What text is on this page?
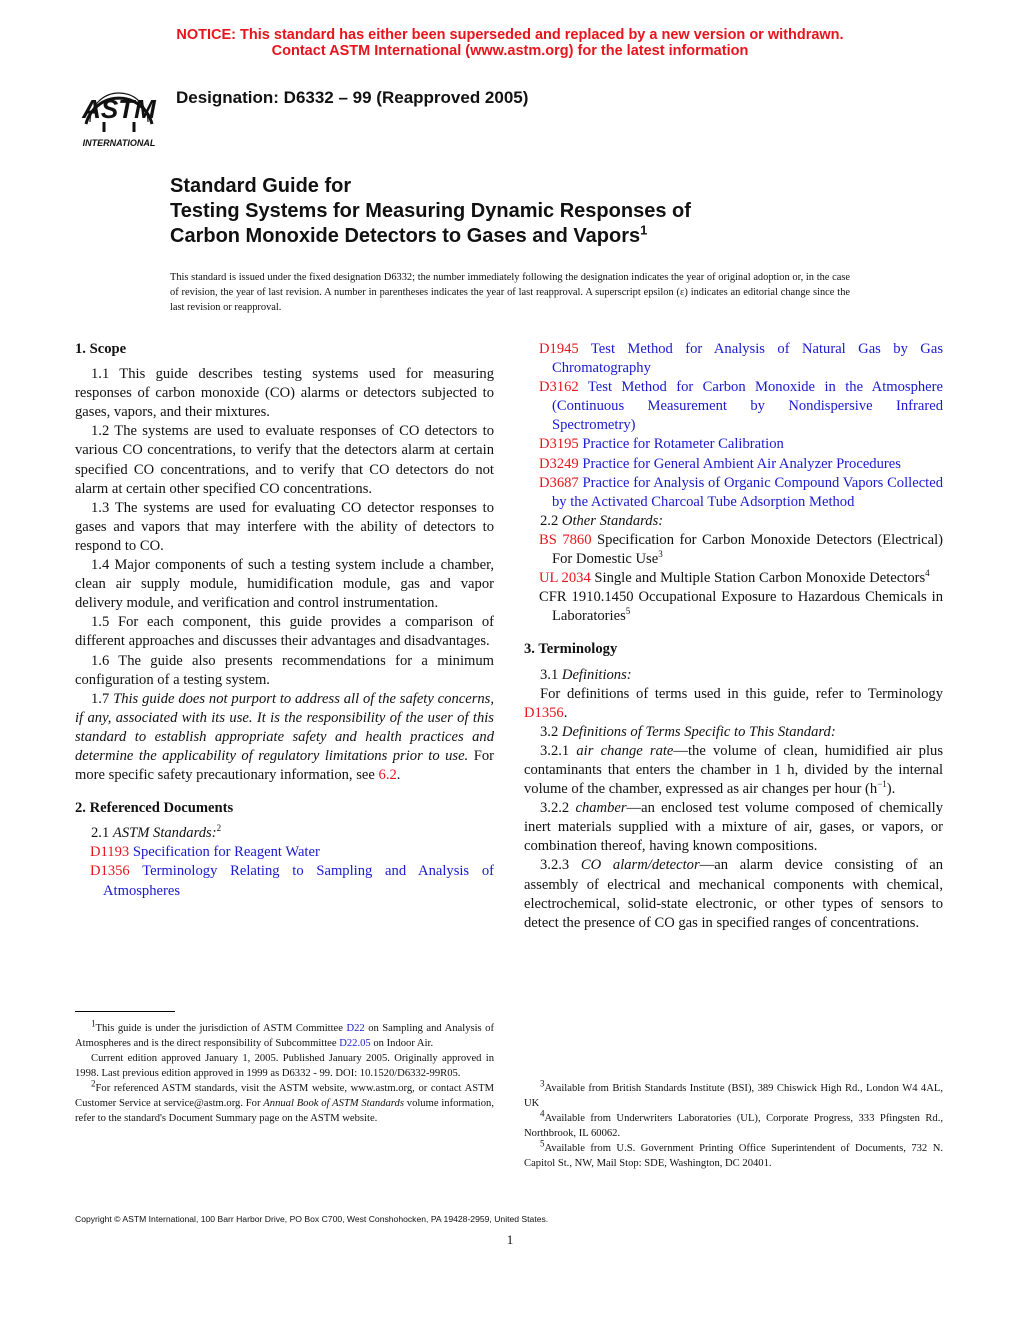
NOTICE: This standard has either been superseded and replaced by a new version or withdrawn.
Contact ASTM International (www.astm.org) for the latest information
ASTM
INTERNATIONAL
Designation: D6332 – 99 (Reapproved 2005)
Standard Guide for
Testing Systems for Measuring Dynamic Responses of
Carbon Monoxide Detectors to Gases and Vapors$^1$
This standard is issued under the fixed designation D6332; the number immediately following the designation indicates the year of original adoption or, in the case of revision, the year of last revision. A number in parentheses indicates the year of last reapproval. A superscript epsilon (ε) indicates an editorial change since the last revision or reapproval.

1. Scope

1.1 This guide describes testing systems used for measuring responses of carbon monoxide (CO) alarms or detectors subjected to gases, vapors, and their mixtures.

1.2 The systems are used to evaluate responses of CO detectors to various CO concentrations, to verify that the detectors alarm at certain specified CO concentrations, and to verify that CO detectors do not alarm at certain other specified CO concentrations.

1.3 The systems are used for evaluating CO detector responses to gases and vapors that may interfere with the ability of detectors to respond to CO.

1.4 Major components of such a testing system include a chamber, clean air supply module, humidification module, gas and vapor delivery module, and verification and control instrumentation.

1.5 For each component, this guide provides a comparison of different approaches and discusses their advantages and disadvantages.

1.6 The guide also presents recommendations for a minimum configuration of a testing system.

1.7 This guide does not purport to address all of the safety concerns, if any, associated with its use. It is the responsibility of the user of this standard to establish appropriate safety and health practices and determine the applicability of regulatory limitations prior to use. For more specific safety precautionary information, see 6.2.

2. Referenced Documents

2.1 ASTM Standards:$^2$

D1193 Specification for Reagent Water

D1356 Terminology Relating to Sampling and Analysis of Atmospheres

D1945 Test Method for Analysis of Natural Gas by Gas Chromatography

D3162 Test Method for Carbon Monoxide in the Atmosphere (Continuous Measurement by Nondispersive Infrared Spectrometry)

D3195 Practice for Rotameter Calibration

D3249 Practice for General Ambient Air Analyzer Procedures

D3687 Practice for Analysis of Organic Compound Vapors Collected by the Activated Charcoal Tube Adsorption Method

2.2 Other Standards:

BS 7860 Specification for Carbon Monoxide Detectors (Electrical) For Domestic Use$^3$

UL 2034 Single and Multiple Station Carbon Monoxide Detectors$^4$

CFR 1910.1450 Occupational Exposure to Hazardous Chemicals in Laboratories$^5$

3. Terminology

3.1 Definitions:

For definitions of terms used in this guide, refer to Terminology D1356.

3.2 Definitions of Terms Specific to This Standard:

3.2.1 air change rate—the volume of clean, humidified air plus contaminants that enters the chamber in 1 h, divided by the internal volume of the chamber, expressed as air changes per hour $(h^{-1})$.

3.2.2 chamber—an enclosed test volume composed of chemically inert materials supplied with a mixture of air, gases, or vapors, or combination thereof, having known compositions.

3.2.3 CO alarm/detector—an alarm device consisting of an assembly of electrical and mechanical components with chemical, electrochemical, solid-state electronic, or other types of sensors to detect the presence of CO gas in specified ranges of concentrations.

$^1$This guide is under the jurisdiction of ASTM Committee D22 on Sampling and Analysis of Atmospheres and is the direct responsibility of Subcommittee D22.05 on Indoor Air.

Current edition approved January 1, 2005. Published January 2005. Originally approved in 1998. Last previous edition approved in 1999 as D6332 - 99. DOI: 10.1520/D6332-99R05.

$^2$For referenced ASTM standards, visit the ASTM website, www.astm.org, or contact ASTM Customer Service at service@astm.org. For Annual Book of ASTM Standards volume information, refer to the standard's Document Summary page on the ASTM website.

$^3$Available from British Standards Institute (BSI), 389 Chiswick High Rd., London W4 4AL, UK

$^4$Available from Underwriters Laboratories (UL), Corporate Progress, 333 Pfingsten Rd., Northbrook, IL 60062.

$^5$Available from U.S. Government Printing Office Superintendent of Documents, 732 N. Capitol St., NW, Mail Stop: SDE, Washington, DC 20401.

Copyright © ASTM International, 100 Barr Harbor Drive, PO Box C700, West Conshohocken, PA 19428-2959, United States.
1
